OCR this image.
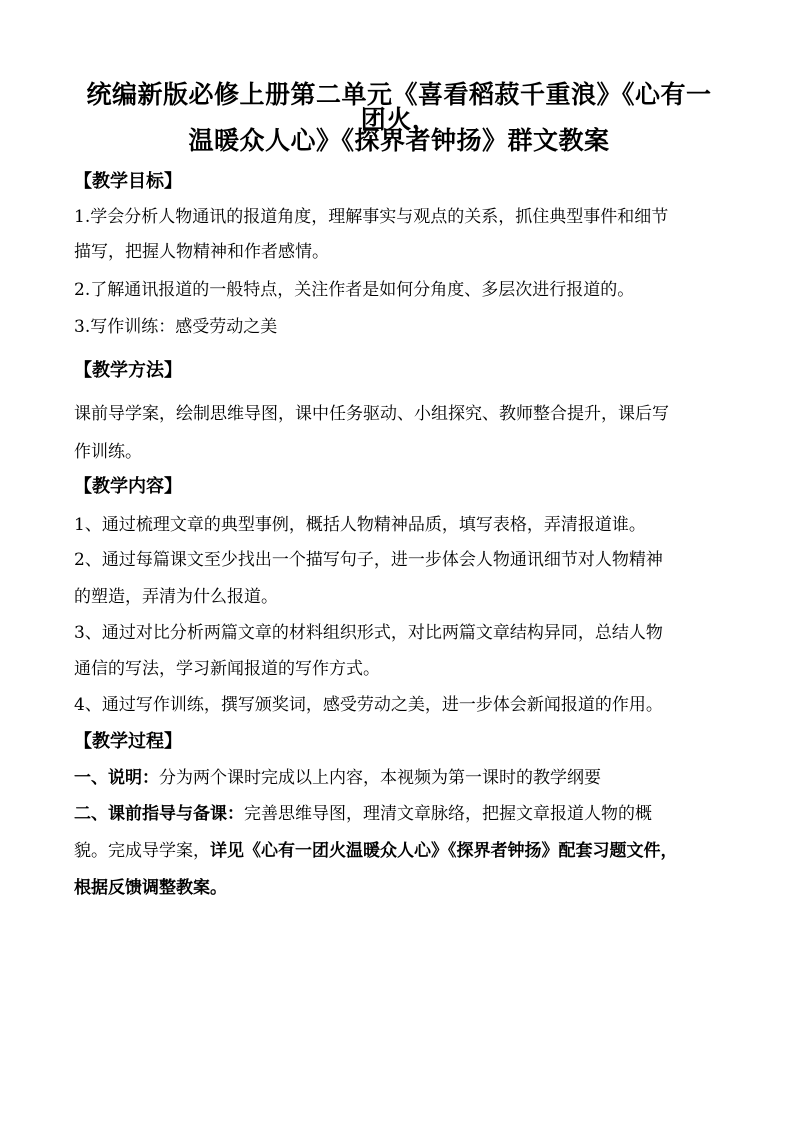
统编新版必修上册第二单元《喜看稻菽千重浪》《心有一团火，
温暖众人心》《探界者钟扬》群文教案
【教学目标】
1.学会分析人物通讯的报道角度，理解事实与观点的关系，抓住典型事件和细节
描写，把握人物精神和作者感情。
2.了解通讯报道的一般特点，关注作者是如何分角度、多层次进行报道的。
3.写作训练：感受劳动之美
【教学方法】
课前导学案，绘制思维导图，课中任务驱动、小组探究、教师整合提升，课后写
作训练。
【教学内容】
1、通过梳理文章的典型事例，概括人物精神品质，填写表格，弄清报道谁。
2、通过每篇课文至少找出一个描写句子，进一步体会人物通讯细节对人物精神
的塑造，弄清为什么报道。
3、通过对比分析两篇文章的材料组织形式，对比两篇文章结构异同，总结人物
通信的写法，学习新闻报道的写作方式。
4、通过写作训练，撰写颁奖词，感受劳动之美，进一步体会新闻报道的作用。
【教学过程】
一、说明：分为两个课时完成以上内容，本视频为第一课时的教学纲要
二、课前指导与备课：完善思维导图，理清文章脉络，把握文章报道人物的概
貌。完成导学案，详见《心有一团火温暖众人心》《探界者钟扬》配套习题文件，
根据反馈调整教案。
